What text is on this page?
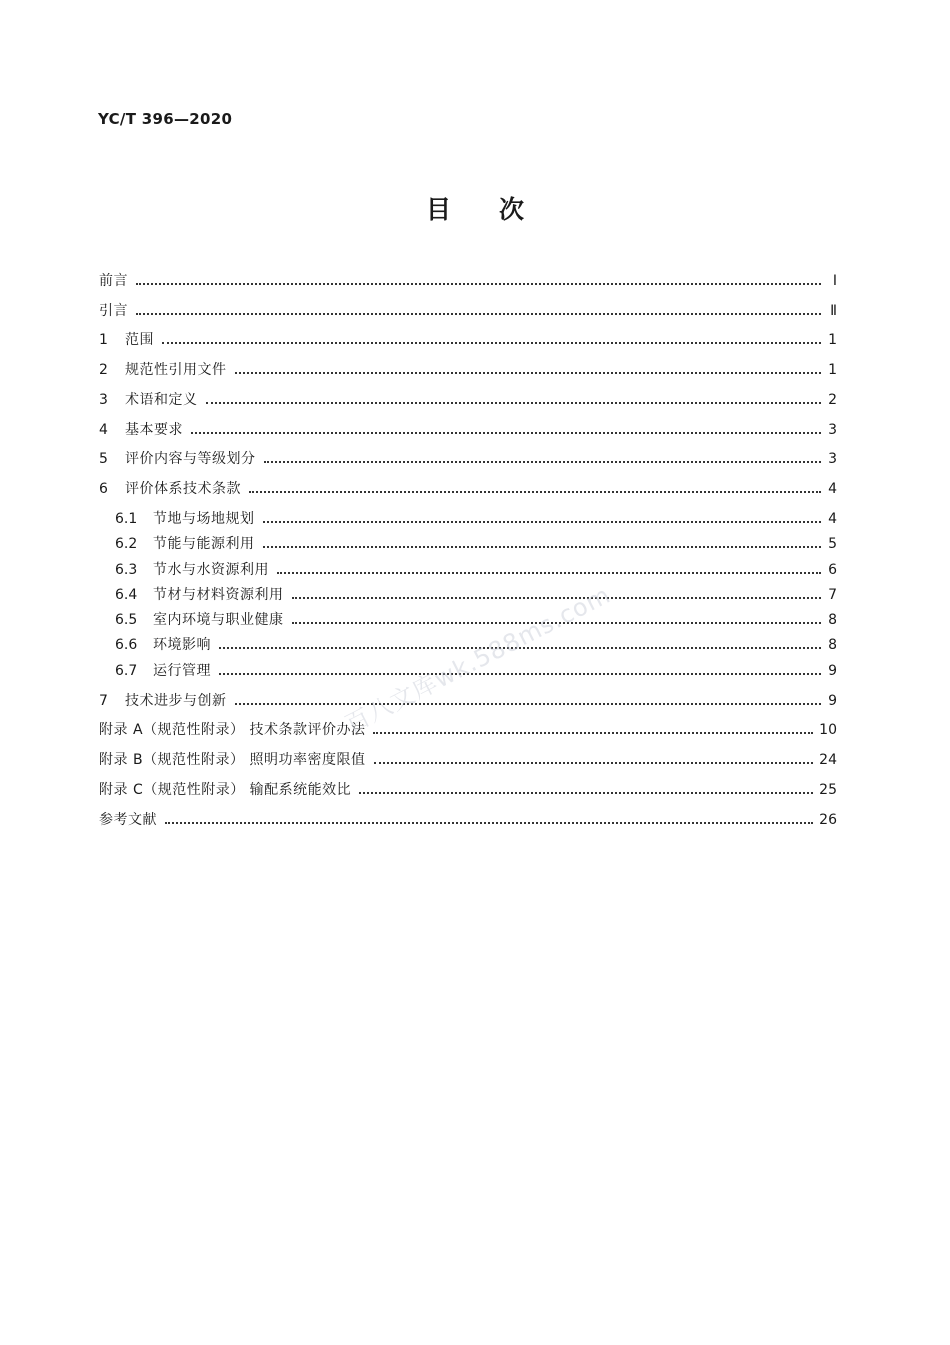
YC/T 396—2020
目次
前言	Ⅰ
引言	Ⅱ
1	范围	1
2	规范性引用文件	1
3	术语和定义	2
4	基本要求	3
5	评价内容与等级划分	3
6	评价体系技术条款	4
6.1	节地与场地规划	4
6.2	节能与能源利用	5
6.3	节水与水资源利用	6
6.4	节材与材料资源利用	7
6.5	室内环境与职业健康	8
6.6	环境影响	8
6.7	运行管理	9
7	技术进步与创新	9
附录 A（规范性附录） 技术条款评价办法	10
附录 B（规范性附录） 照明功率密度限值	24
附录 C（规范性附录） 输配系统能效比	25
参考文献	26
百八文库wk.588ms.com
